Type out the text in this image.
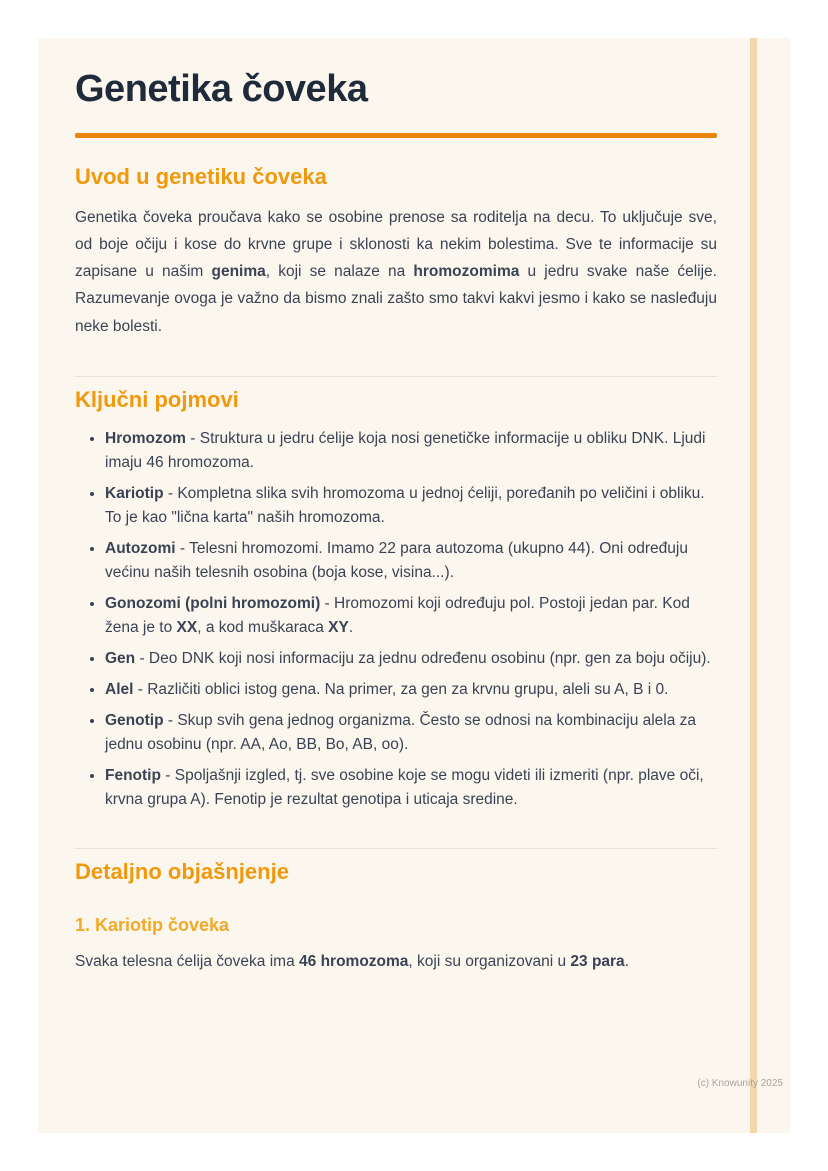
Genetika čoveka
Uvod u genetiku čoveka

Genetika čoveka proučava kako se osobine prenose sa roditelja na decu. To uključuje sve, od boje očiju i kose do krvne grupe i sklonosti ka nekim bolestima. Sve te informacije su zapisane u našim genima, koji se nalaze na hromozomima u jedru svake naše ćelije. Razumevanje ovoga je važno da bismo znali zašto smo takvi kakvi jesmo i kako se nasleđuju neke bolesti.

Ključni pojmovi
• Hromozom - Struktura u jedru ćelije koja nosi genetičke informacije u obliku DNK. Ljudi imaju 46 hromozoma.
• Kariotip - Kompletna slika svih hromozoma u jednoj ćeliji, poređanih po veličini i obliku. To je kao "lična karta" naših hromozoma.
• Autozomi - Telesni hromozomi. Imamo 22 para autozoma (ukupno 44). Oni određuju većinu naših telesnih osobina (boja kose, visina...).
• Gonozomi (polni hromozomi) - Hromozomi koji određuju pol. Postoji jedan par. Kod žena je to XX, a kod muškaraca XY.
• Gen - Deo DNK koji nosi informaciju za jednu određenu osobinu (npr. gen za boju očiju).
• Alel - Različiti oblici istog gena. Na primer, za gen za krvnu grupu, aleli su A, B i 0.
• Genotip - Skup svih gena jednog organizma. Često se odnosi na kombinaciju alela za jednu osobinu (npr. AA, Ao, BB, Bo, AB, oo).
• Fenotip - Spoljašnji izgled, tj. sve osobine koje se mogu videti ili izmeriti (npr. plave oči, krvna grupa A). Fenotip je rezultat genotipa i uticaja sredine.
Detaljno objašnjenje
1. Kariotip čoveka

Svaka telesna ćelija čoveka ima 46 hromozoma, koji su organizovani u 23 para.

(c) Knowunity 2025
